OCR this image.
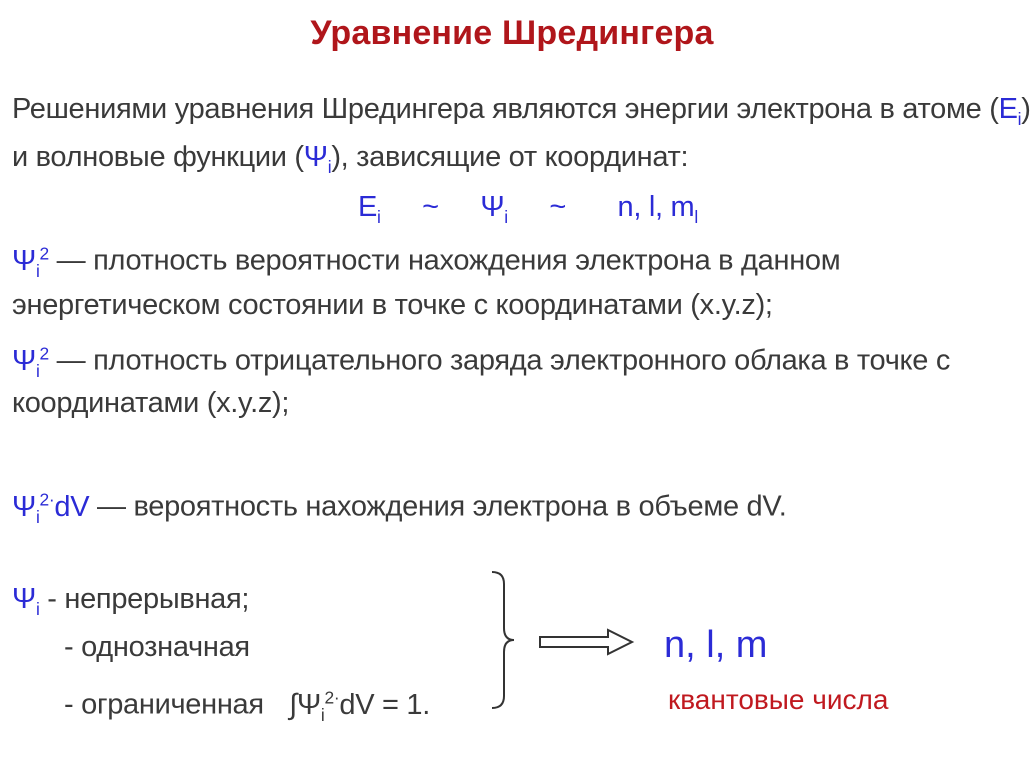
Уравнение Шредингера
Решениями уравнения Шредингера являются энергии электрона в атоме $(E_i)$
и волновые функции $(\Psi_i)$, зависящие от координат:
$E_i$ ~ $\Psi_i$ ~ n, l, $m_l$
$\Psi_i^2$ — плотность вероятности нахождения электрона в данном
энергетическом состоянии в точке с координатами (x.y.z);
$\Psi_i^2$ — плотность отрицательного заряда электронного облака в точке с
координатами (x.y.z);
$\Psi_i^{2\cdot}dV$ — вероятность нахождения электрона в объеме dV.
$\Psi_i$ - непрерывная;
- однозначная
- ограниченная $\int\Psi_i^{2\cdot}dV = 1$.
n, l, m
квантовые числа
